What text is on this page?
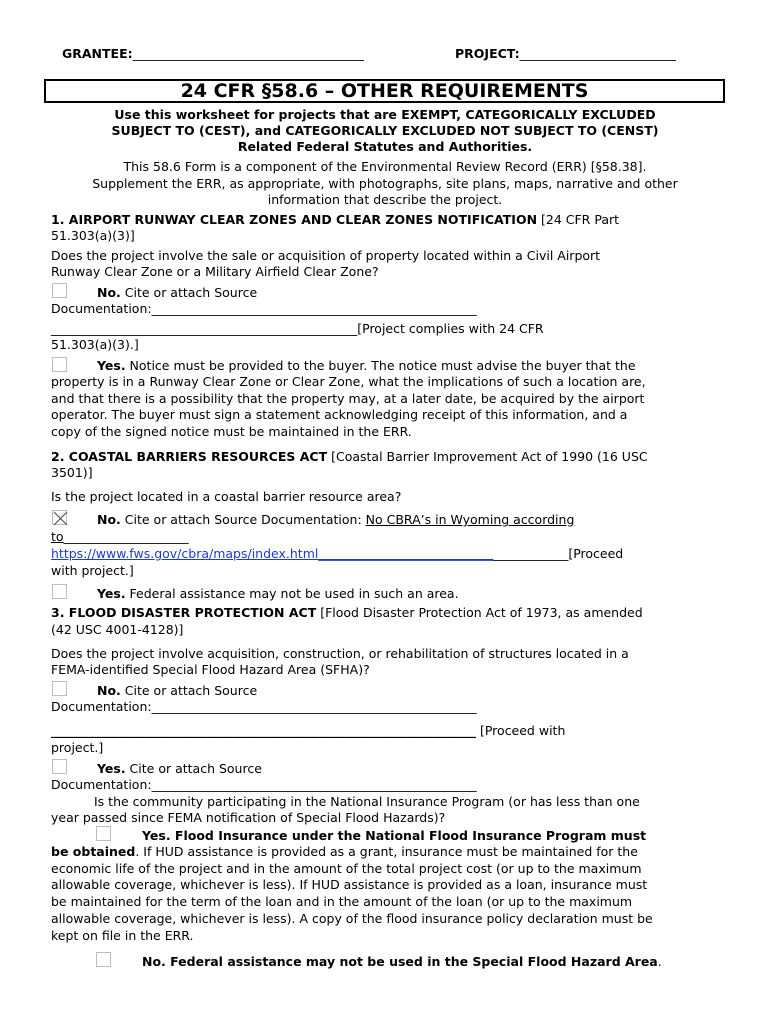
GRANTEE:_____________________________________	PROJECT:_________________________
24 CFR §58.6 – OTHER REQUIREMENTS
Use this worksheet for projects that are EXEMPT, CATEGORICALLY EXCLUDED
SUBJECT TO (CEST), and CATEGORICALLY EXCLUDED NOT SUBJECT TO (CENST)
Related Federal Statutes and Authorities.
This 58.6 Form is a component of the Environmental Review Record (ERR) [§58.38].
Supplement the ERR, as appropriate, with photographs, site plans, maps, narrative and other
information that describe the project.
1. AIRPORT RUNWAY CLEAR ZONES AND CLEAR ZONES NOTIFICATION [24 CFR Part
51.303(a)(3)]
Does the project involve the sale or acquisition of property located within a Civil Airport
Runway Clear Zone or a Military Airfield Clear Zone?
No. Cite or attach Source
Documentation:____________________________________________________
_________________________________________________[Project complies with 24 CFR
51.303(a)(3).]
Yes. Notice must be provided to the buyer. The notice must advise the buyer that the
property is in a Runway Clear Zone or Clear Zone, what the implications of such a location are,
and that there is a possibility that the property may, at a later date, be acquired by the airport
operator. The buyer must sign a statement acknowledging receipt of this information, and a
copy of the signed notice must be maintained in the ERR.
2. COASTAL BARRIERS RESOURCES ACT [Coastal Barrier Improvement Act of 1990 (16 USC
3501)]
Is the project located in a coastal barrier resource area?
No. Cite or attach Source Documentation: No CBRA’s in Wyoming according
to____________________
https://www.fws.gov/cbra/maps/index.html________________________________________[Proceed
with project.]
Yes. Federal assistance may not be used in such an area.
3. FLOOD DISASTER PROTECTION ACT [Flood Disaster Protection Act of 1973, as amended
(42 USC 4001-4128)]
Does the project involve acquisition, construction, or rehabilitation of structures located in a
FEMA-identified Special Flood Hazard Area (SFHA)?
No. Cite or attach Source
Documentation:____________________________________________________
____________________________________________________________________ [Proceed with
project.]
Yes. Cite or attach Source
Documentation:____________________________________________________
Is the community participating in the National Insurance Program (or has less than one
year passed since FEMA notification of Special Flood Hazards)?
Yes. Flood Insurance under the National Flood Insurance Program must
be obtained. If HUD assistance is provided as a grant, insurance must be maintained for the
economic life of the project and in the amount of the total project cost (or up to the maximum
allowable coverage, whichever is less). If HUD assistance is provided as a loan, insurance must
be maintained for the term of the loan and in the amount of the loan (or up to the maximum
allowable coverage, whichever is less). A copy of the flood insurance policy declaration must be
kept on file in the ERR.
No. Federal assistance may not be used in the Special Flood Hazard Area.
